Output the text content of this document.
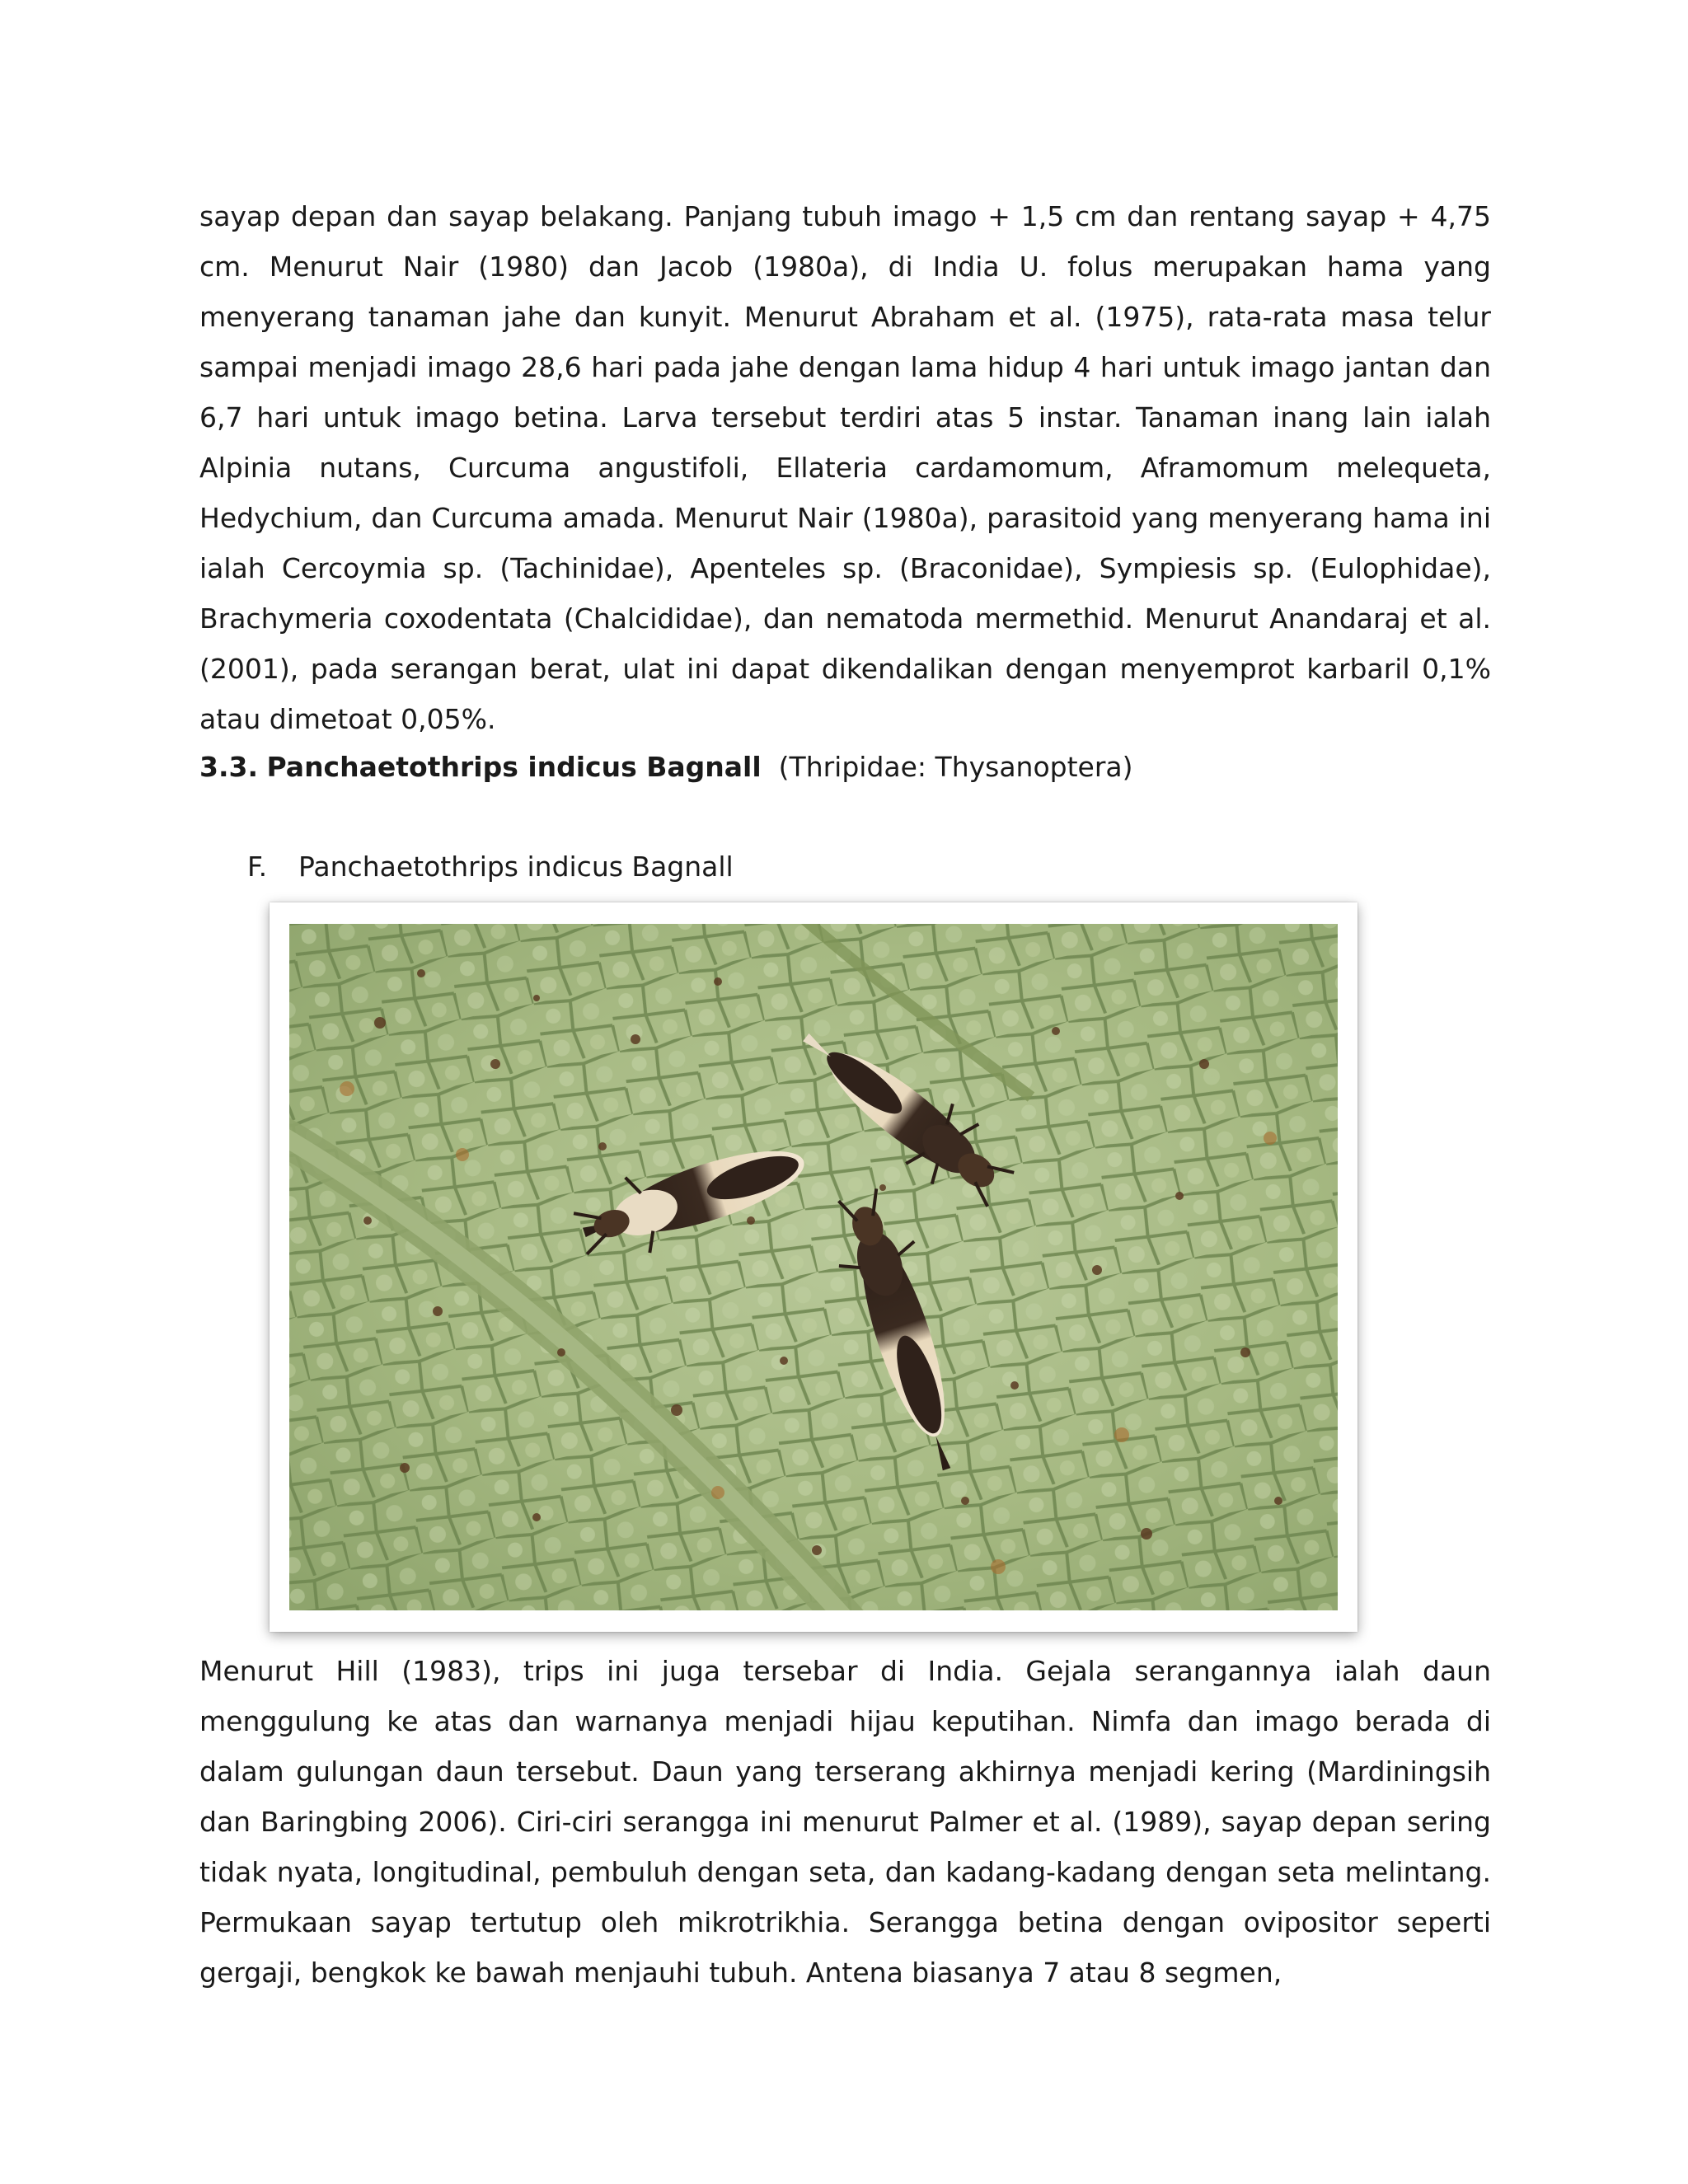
sayap depan dan sayap belakang. Panjang tubuh imago + 1,5 cm dan rentang sayap + 4,75 cm. Menurut Nair (1980) dan Jacob (1980a), di India U. folus merupakan hama yang menyerang tanaman jahe dan kunyit. Menurut Abraham et al. (1975), rata-rata masa telur sampai menjadi imago 28,6 hari pada jahe dengan lama hidup 4 hari untuk imago jantan dan 6,7 hari untuk imago betina. Larva tersebut terdiri atas 5 instar. Tanaman inang lain ialah Alpinia nutans, Curcuma angustifoli, Ellateria cardamomum, Aframomum melequeta, Hedychium, dan Curcuma amada. Menurut Nair (1980a), parasitoid yang menyerang hama ini ialah Cercoymia sp. (Tachinidae), Apenteles sp. (Braconidae), Sympiesis sp. (Eulophidae), Brachymeria coxodentata (Chalcididae), dan nematoda mermethid. Menurut Anandaraj et al. (2001), pada serangan berat, ulat ini dapat dikendalikan dengan menyemprot karbaril 0,1% atau dimetoat 0,05%.

3.3. Panchaetothrips indicus Bagnall (Thripidae: Thysanoptera)

F. Panchaetothrips indicus Bagnall

Menurut Hill (1983), trips ini juga tersebar di India. Gejala serangannya ialah daun menggulung ke atas dan warnanya menjadi hijau keputihan. Nimfa dan imago berada di dalam gulungan daun tersebut. Daun yang terserang akhirnya menjadi kering (Mardiningsih dan Baringbing 2006). Ciri-ciri serangga ini menurut Palmer et al. (1989), sayap depan sering tidak nyata, longitudinal, pembuluh dengan seta, dan kadang-kadang dengan seta melintang. Permukaan sayap tertutup oleh mikrotrikhia. Serangga betina dengan ovipositor seperti gergaji, bengkok ke bawah menjauhi tubuh. Antena biasanya 7 atau 8 segmen,
